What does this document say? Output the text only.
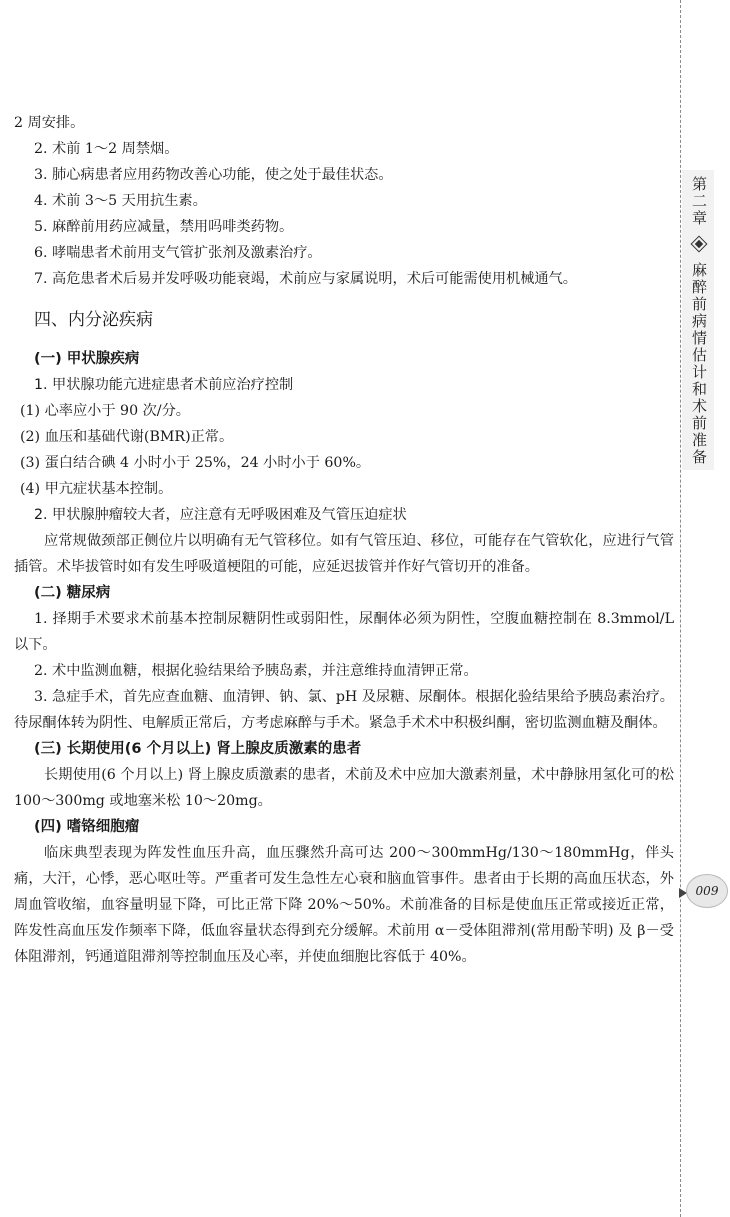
2 周安排。

2. 术前 1～2 周禁烟。

3. 肺心病患者应用药物改善心功能，使之处于最佳状态。

4. 术前 3～5 天用抗生素。

5. 麻醉前用药应减量，禁用吗啡类药物。

6. 哮喘患者术前用支气管扩张剂及激素治疗。

7. 高危患者术后易并发呼吸功能衰竭，术前应与家属说明，术后可能需使用机械通气。

四、内分泌疾病
(一) 甲状腺疾病

1. 甲状腺功能亢进症患者术前应治疗控制

(1) 心率应小于 90 次/分。

(2) 血压和基础代谢(BMR)正常。

(3) 蛋白结合碘 4 小时小于 25%，24 小时小于 60%。

(4) 甲亢症状基本控制。

2. 甲状腺肿瘤较大者，应注意有无呼吸困难及气管压迫症状

应常规做颈部正侧位片以明确有无气管移位。如有气管压迫、移位，可能存在气管软化，应进行气管插管。术毕拔管时如有发生呼吸道梗阻的可能，应延迟拔管并作好气管切开的准备。

(二) 糖尿病

1. 择期手术要求术前基本控制尿糖阴性或弱阳性，尿酮体必须为阴性，空腹血糖控制在 8.3mmol/L 以下。

2. 术中监测血糖，根据化验结果给予胰岛素，并注意维持血清钾正常。

3. 急症手术，首先应查血糖、血清钾、钠、氯、pH 及尿糖、尿酮体。根据化验结果给予胰岛素治疗。待尿酮体转为阴性、电解质正常后，方考虑麻醉与手术。紧急手术术中积极纠酮，密切监测血糖及酮体。

(三) 长期使用(6 个月以上) 肾上腺皮质激素的患者

长期使用(6 个月以上) 肾上腺皮质激素的患者，术前及术中应加大激素剂量，术中静脉用氢化可的松 100～300mg 或地塞米松 10～20mg。

(四) 嗜铬细胞瘤

临床典型表现为阵发性血压升高，血压骤然升高可达 200～300mmHg/130～180mmHg，伴头痛，大汗，心悸，恶心呕吐等。严重者可发生急性左心衰和脑血管事件。患者由于长期的高血压状态，外周血管收缩，血容量明显下降，可比正常下降 20%～50%。术前准备的目标是使血压正常或接近正常，阵发性高血压发作频率下降，低血容量状态得到充分缓解。术前用 α－受体阻滞剂(常用酚苄明) 及 β－受体阻滞剂，钙通道阻滞剂等控制血压及心率，并使血细胞比容低于 40%。

第二章
麻醉前病情估计和术前准备
009
